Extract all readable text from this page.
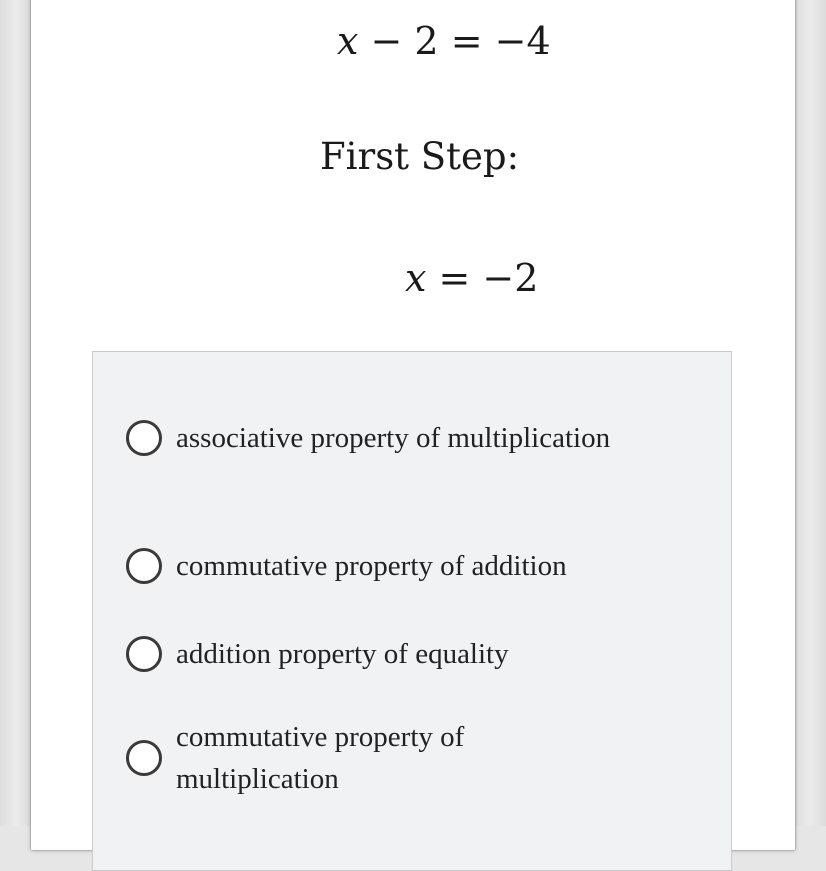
x − 2 = −4
First Step:
x = −2
associative property of multiplication
commutative property of addition
addition property of equality
commutative property of multiplication
